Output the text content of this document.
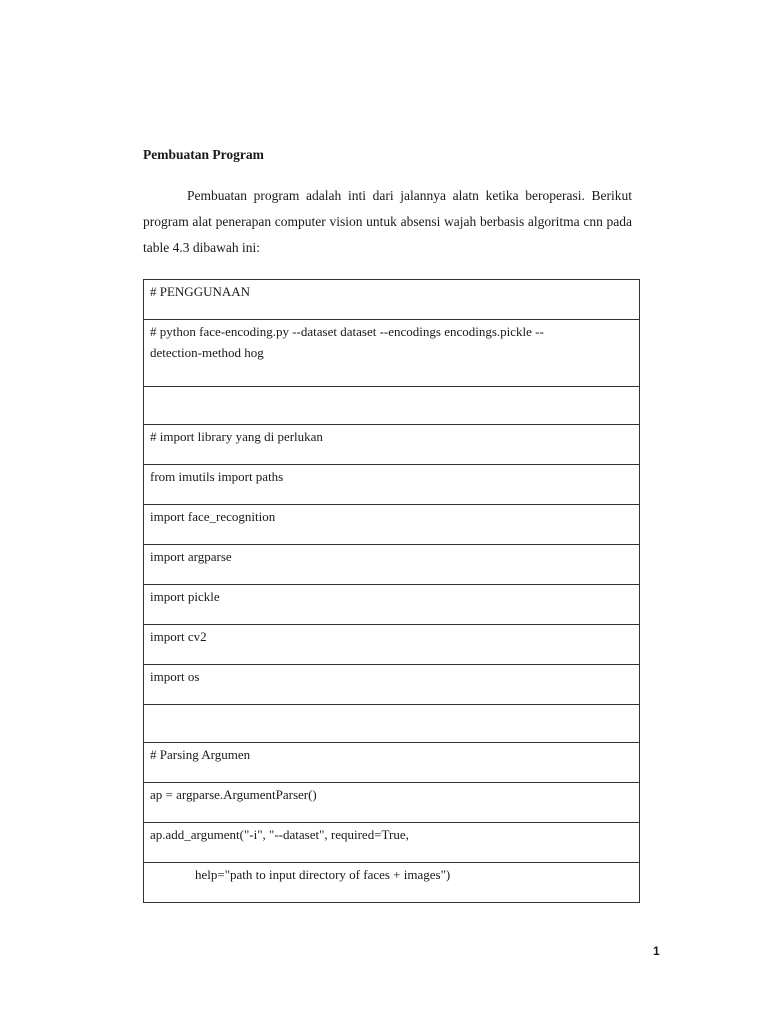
Pembuatan Program

Pembuatan program adalah inti dari jalannya alatn ketika beroperasi. Berikut program alat penerapan computer vision untuk absensi wajah berbasis algoritma cnn pada table 4.3 dibawah ini:

# PENGGUNAAN

# python face-encoding.py --dataset dataset --encodings encodings.pickle --
detection-method hog

# import library yang di perlukan

from imutils import paths

import face_recognition

import argparse

import pickle

import cv2

import os

# Parsing Argumen

ap = argparse.ArgumentParser()

ap.add_argument("-i", "--dataset", required=True,

help="path to input directory of faces + images")

1
